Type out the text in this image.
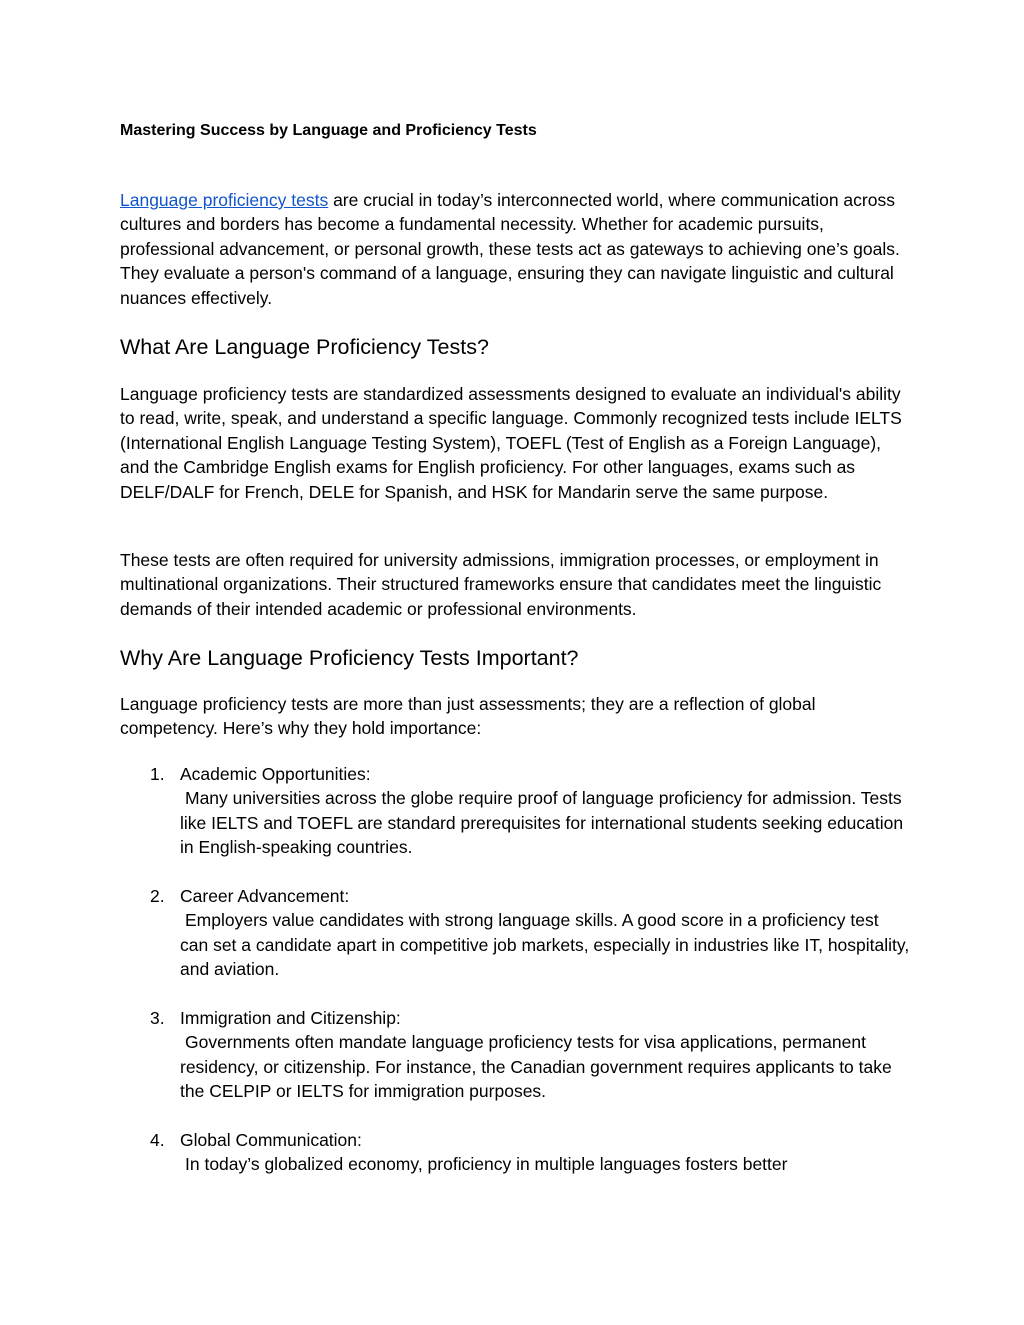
Mastering Success by Language and Proficiency Tests

Language proficiency tests are crucial in today’s interconnected world, where communication across cultures and borders has become a fundamental necessity. Whether for academic pursuits, professional advancement, or personal growth, these tests act as gateways to achieving one’s goals. They evaluate a person's command of a language, ensuring they can navigate linguistic and cultural nuances effectively.

What Are Language Proficiency Tests?

Language proficiency tests are standardized assessments designed to evaluate an individual's ability to read, write, speak, and understand a specific language. Commonly recognized tests include IELTS (International English Language Testing System), TOEFL (Test of English as a Foreign Language), and the Cambridge English exams for English proficiency. For other languages, exams such as DELF/DALF for French, DELE for Spanish, and HSK for Mandarin serve the same purpose.

These tests are often required for university admissions, immigration processes, or employment in multinational organizations. Their structured frameworks ensure that candidates meet the linguistic demands of their intended academic or professional environments.

Why Are Language Proficiency Tests Important?

Language proficiency tests are more than just assessments; they are a reflection of global competency. Here’s why they hold importance:

1. Academic Opportunities:
Many universities across the globe require proof of language proficiency for admission. Tests like IELTS and TOEFL are standard prerequisites for international students seeking education in English-speaking countries.
2. Career Advancement:
Employers value candidates with strong language skills. A good score in a proficiency test can set a candidate apart in competitive job markets, especially in industries like IT, hospitality, and aviation.
3. Immigration and Citizenship:
Governments often mandate language proficiency tests for visa applications, permanent residency, or citizenship. For instance, the Canadian government requires applicants to take the CELPIP or IELTS for immigration purposes.
4. Global Communication:
In today’s globalized economy, proficiency in multiple languages fosters better
